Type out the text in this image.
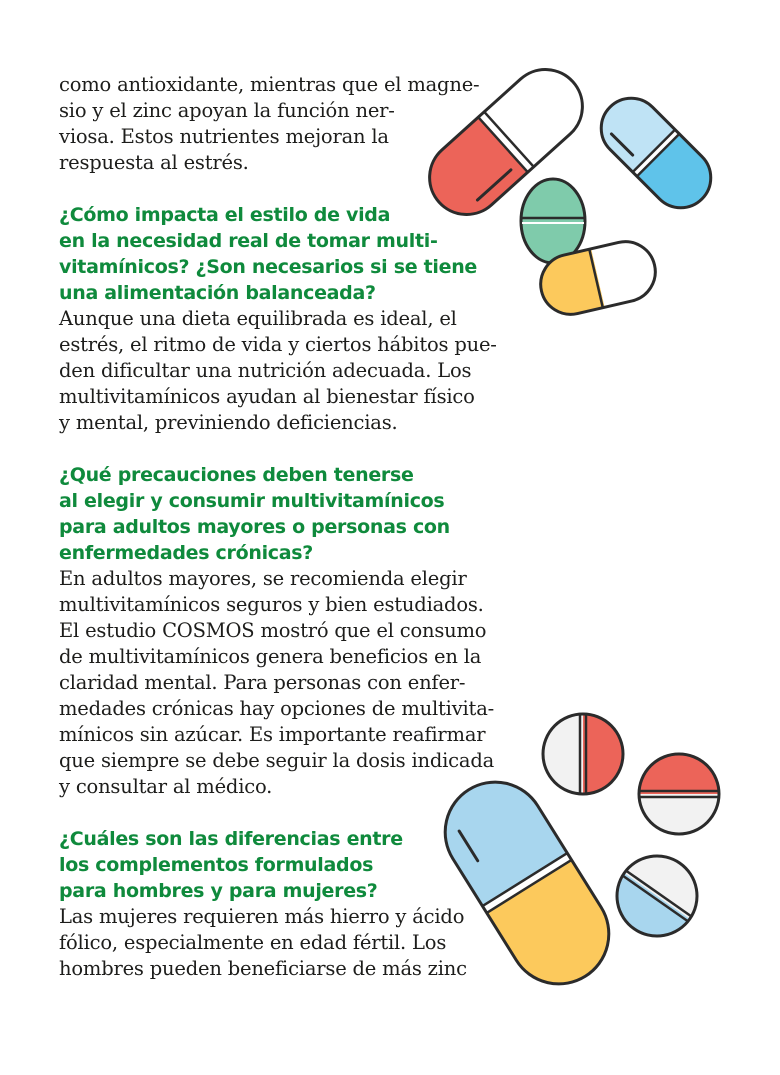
como antioxidante, mientras que el magne-
sio y el zinc apoyan la función ner-
viosa. Estos nutrientes mejoran la
respuesta al estrés.

¿Cómo impacta el estilo de vida
en la necesidad real de tomar multi-
vitamínicos? ¿Son necesarios si se tiene
una alimentación balanceada?

Aunque una dieta equilibrada es ideal, el
estrés, el ritmo de vida y ciertos hábitos pue-
den dificultar una nutrición adecuada. Los
multivitamínicos ayudan al bienestar físico
y mental, previniendo deficiencias.

¿Qué precauciones deben tenerse
al elegir y consumir multivitamínicos
para adultos mayores o personas con
enfermedades crónicas?

En adultos mayores, se recomienda elegir
multivitamínicos seguros y bien estudiados.
El estudio COSMOS mostró que el consumo
de multivitamínicos genera beneficios en la
claridad mental. Para personas con enfer-
medades crónicas hay opciones de multivita-
mínicos sin azúcar. Es importante reafirmar
que siempre se debe seguir la dosis indicada
y consultar al médico.

¿Cuáles son las diferencias entre
los complementos formulados
para hombres y para mujeres?

Las mujeres requieren más hierro y ácido
fólico, especialmente en edad fértil. Los
hombres pueden beneficiarse de más zinc
